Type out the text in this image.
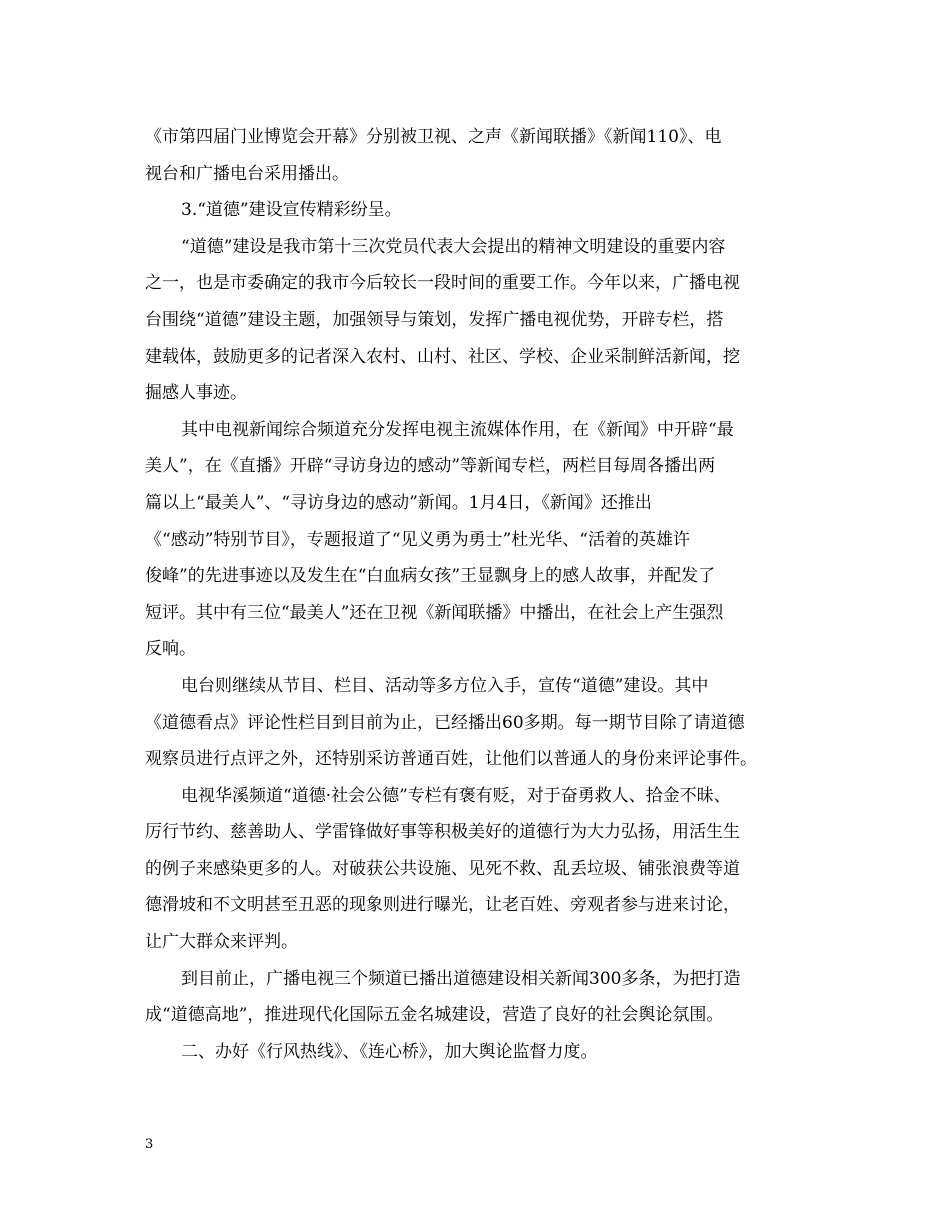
《市第四届门业博览会开幕》分别被卫视、之声《新闻联播》《新闻110》、电
视台和广播电台采用播出。
3.“道德”建设宣传精彩纷呈。
“道德”建设是我市第十三次党员代表大会提出的精神文明建设的重要内容
之一，也是市委确定的我市今后较长一段时间的重要工作。今年以来，广播电视
台围绕“道德”建设主题，加强领导与策划，发挥广播电视优势，开辟专栏，搭
建载体，鼓励更多的记者深入农村、山村、社区、学校、企业采制鲜活新闻，挖
掘感人事迹。
其中电视新闻综合频道充分发挥电视主流媒体作用，在《新闻》中开辟“最
美人”，在《直播》开辟“寻访身边的感动”等新闻专栏，两栏目每周各播出两
篇以上“最美人”、“寻访身边的感动”新闻。1月4日，《新闻》还推出
《“感动”特别节目》，专题报道了“见义勇为勇士”杜光华、“活着的英雄许
俊峰”的先进事迹以及发生在“白血病女孩”王显飘身上的感人故事，并配发了
短评。其中有三位“最美人”还在卫视《新闻联播》中播出，在社会上产生强烈
反响。
电台则继续从节目、栏目、活动等多方位入手，宣传“道德”建设。其中
《道德看点》评论性栏目到目前为止，已经播出60多期。每一期节目除了请道德
观察员进行点评之外，还特别采访普通百姓，让他们以普通人的身份来评论事件。
电视华溪频道“道德·社会公德”专栏有褒有贬，对于奋勇救人、拾金不昧、
厉行节约、慈善助人、学雷锋做好事等积极美好的道德行为大力弘扬，用活生生
的例子来感染更多的人。对破获公共设施、见死不救、乱丢垃圾、铺张浪费等道
德滑坡和不文明甚至丑恶的现象则进行曝光，让老百姓、旁观者参与进来讨论，
让广大群众来评判。
到目前止，广播电视三个频道已播出道德建设相关新闻300多条，为把打造
成“道德高地”，推进现代化国际五金名城建设，营造了良好的社会舆论氛围。
二、办好《行风热线》、《连心桥》，加大舆论监督力度。
3
